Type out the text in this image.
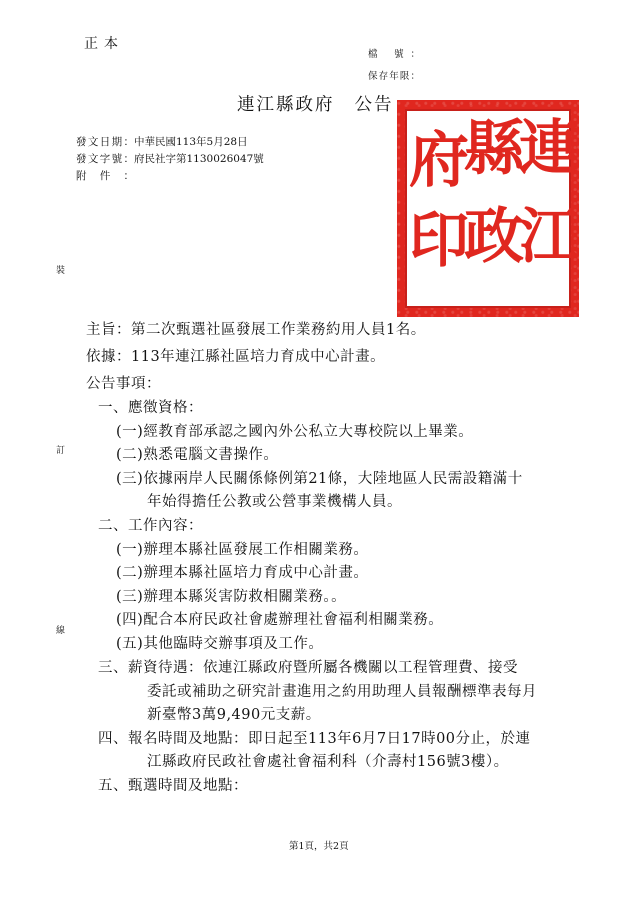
正本
檔 號：
保存年限：
連江縣政府 公告
連
縣
府
江
政
印
發文日期： 中華民國113年5月28日
發文字號： 府民社字第1130026047號
附件：
裝
訂
線
主旨：第二次甄選社區發展工作業務約用人員1名。
依據：113年連江縣社區培力育成中心計畫。
公告事項：
一、應徵資格：
(一)經教育部承認之國內外公私立大專校院以上畢業。
(二)熟悉電腦文書操作。
(三)依據兩岸人民關係條例第21條，大陸地區人民需設籍滿十
年始得擔任公教或公營事業機構人員。
二、工作內容：
(一)辦理本縣社區發展工作相關業務。
(二)辦理本縣社區培力育成中心計畫。
(三)辦理本縣災害防救相關業務。。
(四)配合本府民政社會處辦理社會福利相關業務。
(五)其他臨時交辦事項及工作。
三、薪資待遇：依連江縣政府暨所屬各機關以工程管理費、接受
委託或補助之研究計畫進用之約用助理人員報酬標準表每月
新臺幣3萬9,490元支薪。
四、報名時間及地點：即日起至113年6月7日17時00分止，於連
江縣政府民政社會處社會福利科（介壽村156號3樓）。
五、甄選時間及地點：
第1頁，共2頁
